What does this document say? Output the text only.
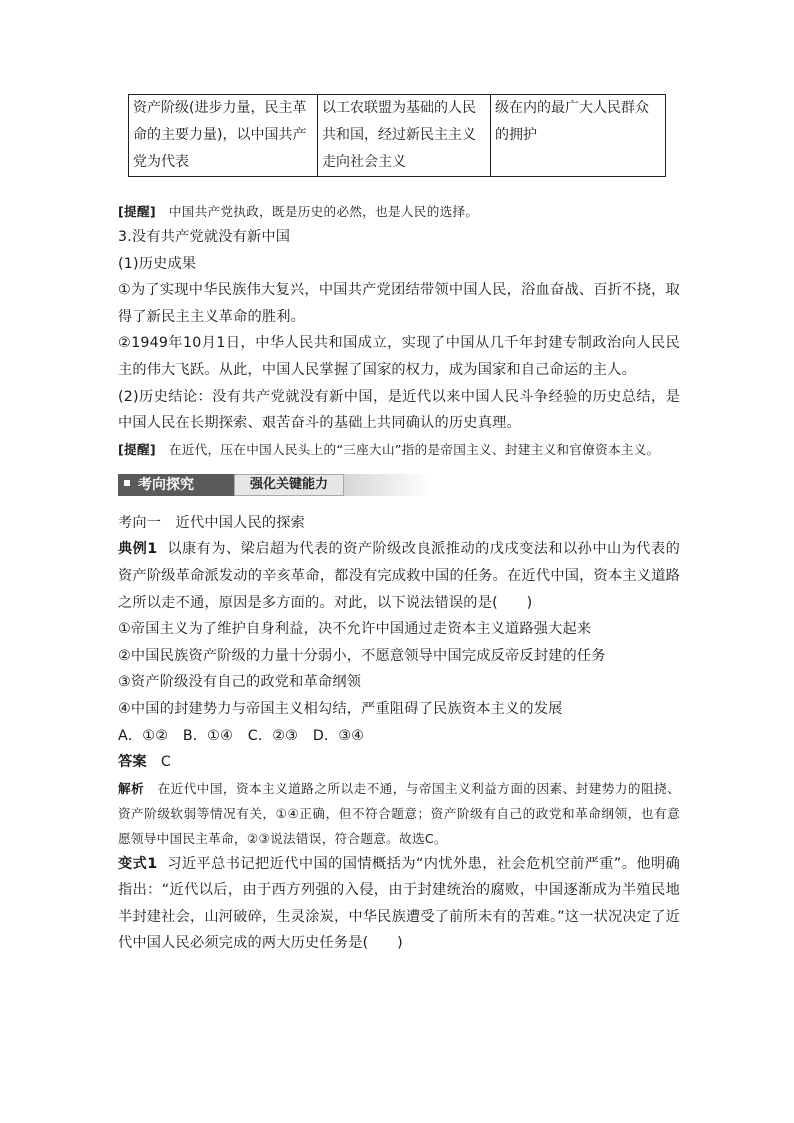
资产阶级(进步力量，民主革命的主要力量)，以中国共产党为代表	以工农联盟为基础的人民共和国，经过新民主主义走向社会主义	级在内的最广大人民群众的拥护

[提醒] 中国共产党执政，既是历史的必然，也是人民的选择。

3.没有共产党就没有新中国

(1)历史成果

①为了实现中华民族伟大复兴，中国共产党团结带领中国人民，浴血奋战、百折不挠，取得了新民主主义革命的胜利。

②1949年10月1日，中华人民共和国成立，实现了中国从几千年封建专制政治向人民民主的伟大飞跃。从此，中国人民掌握了国家的权力，成为国家和自己命运的主人。

(2)历史结论：没有共产党就没有新中国，是近代以来中国人民斗争经验的历史总结，是中国人民在长期探索、艰苦奋斗的基础上共同确认的历史真理。

[提醒] 在近代，压在中国人民头上的“三座大山”指的是帝国主义、封建主义和官僚资本主义。

考向探究	强化关键能力

考向一　近代中国人民的探索

典例1 以康有为、梁启超为代表的资产阶级改良派推动的戊戌变法和以孙中山为代表的资产阶级革命派发动的辛亥革命，都没有完成救中国的任务。在近代中国，资本主义道路之所以走不通，原因是多方面的。对此，以下说法错误的是(　　)

①帝国主义为了维护自身利益，决不允许中国通过走资本主义道路强大起来

②中国民族资产阶级的力量十分弱小，不愿意领导中国完成反帝反封建的任务

③资产阶级没有自己的政党和革命纲领

④中国的封建势力与帝国主义相勾结，严重阻碍了民族资本主义的发展

A．①② B．①④ C．②③ D．③④

答案 C

解析 在近代中国，资本主义道路之所以走不通，与帝国主义利益方面的因素、封建势力的阻挠、资产阶级软弱等情况有关，①④正确，但不符合题意；资产阶级有自己的政党和革命纲领，也有意愿领导中国民主革命，②③说法错误，符合题意。故选C。

变式1 习近平总书记把近代中国的国情概括为“内忧外患，社会危机空前严重”。他明确指出：“近代以后，由于西方列强的入侵，由于封建统治的腐败，中国逐渐成为半殖民地半封建社会，山河破碎，生灵涂炭，中华民族遭受了前所未有的苦难。”这一状况决定了近代中国人民必须完成的两大历史任务是(　　)
